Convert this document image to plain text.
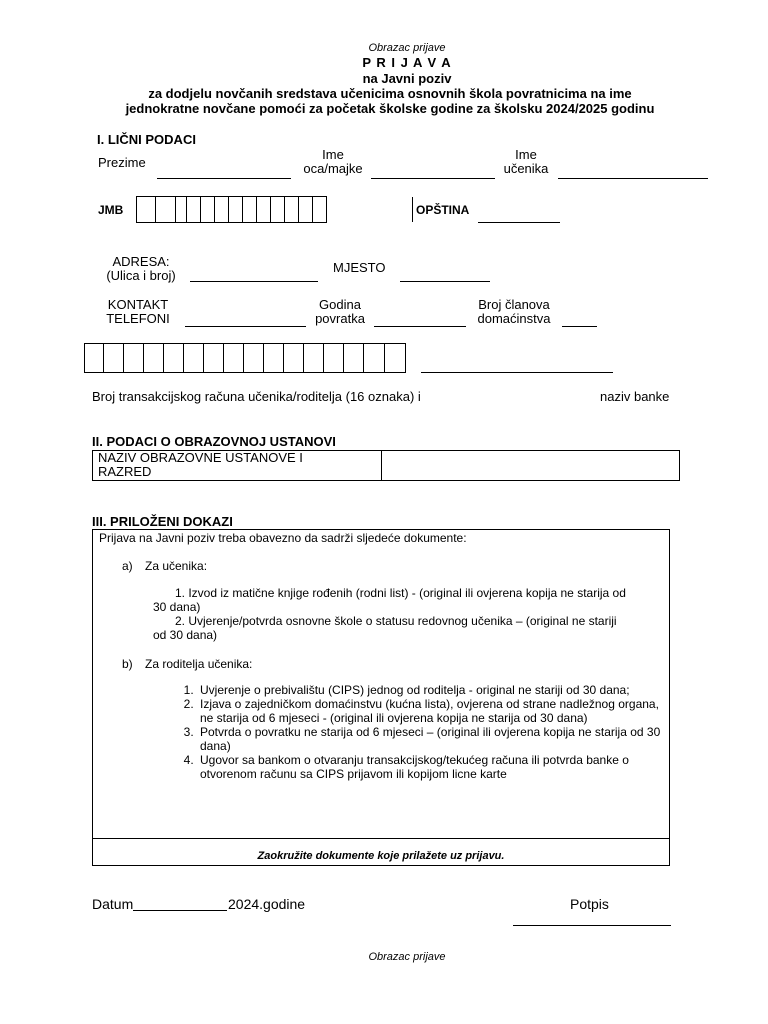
Obrazac prijave
P R I J A V A
na Javni poziv
za dodjelu novčanih sredstava učenicima osnovnih škola povratnicima na ime
jednokratne novčane pomoći za početak školske godine za školsku 2024/2025 godinu
I. LIČNI PODACI
Prezime
Ime
oca/majke
Ime
učenika
JMB	OPŠTINA
ADRESA:
(Ulica i broj)
MJESTO
KONTAKT
TELEFONI
Godina
povratka
Broj članova
domaćinstva
Broj transakcijskog računa učenika/roditelja (16 oznaka) i	naziv banke
II. PODACI O OBRAZOVNOJ USTANOVI
NAZIV OBRAZOVNE USTANOVE I
RAZRED

III. PRILOŽENI DOKAZI
Prijava na Javni poziv treba obavezno da sadrži sljedeće dokumente:
a) Za učenika:
1. Izvod iz matične knjige rođenih (rodni list) - (original ili ovjerena kopija ne starija od
30 dana)
2. Uvjerenje/potvrda osnovne škole o statusu redovnog učenika – (original ne stariji
od 30 dana)
b) Za roditelja učenika:
1. Uvjerenje o prebivalištu (CIPS) jednog od roditelja - original ne stariji od 30 dana;
2. Izjava o zajedničkom domaćinstvu (kućna lista), ovjerena od strane nadležnog organa, ne starija od 6 mjeseci - (original ili ovjerena kopija ne starija od 30 dana)
3. Potvrda o povratku ne starija od 6 mjeseci – (original ili ovjerena kopija ne starija od 30 dana)
4. Ugovor sa bankom o otvaranju transakcijskog/tekućeg računa ili potvrda banke o otvorenom računu sa CIPS prijavom ili kopijom licne karte
Zaokružite dokumente koje prilažete uz prijavu.
Datum	2024.godine	Potpis
Obrazac prijave
